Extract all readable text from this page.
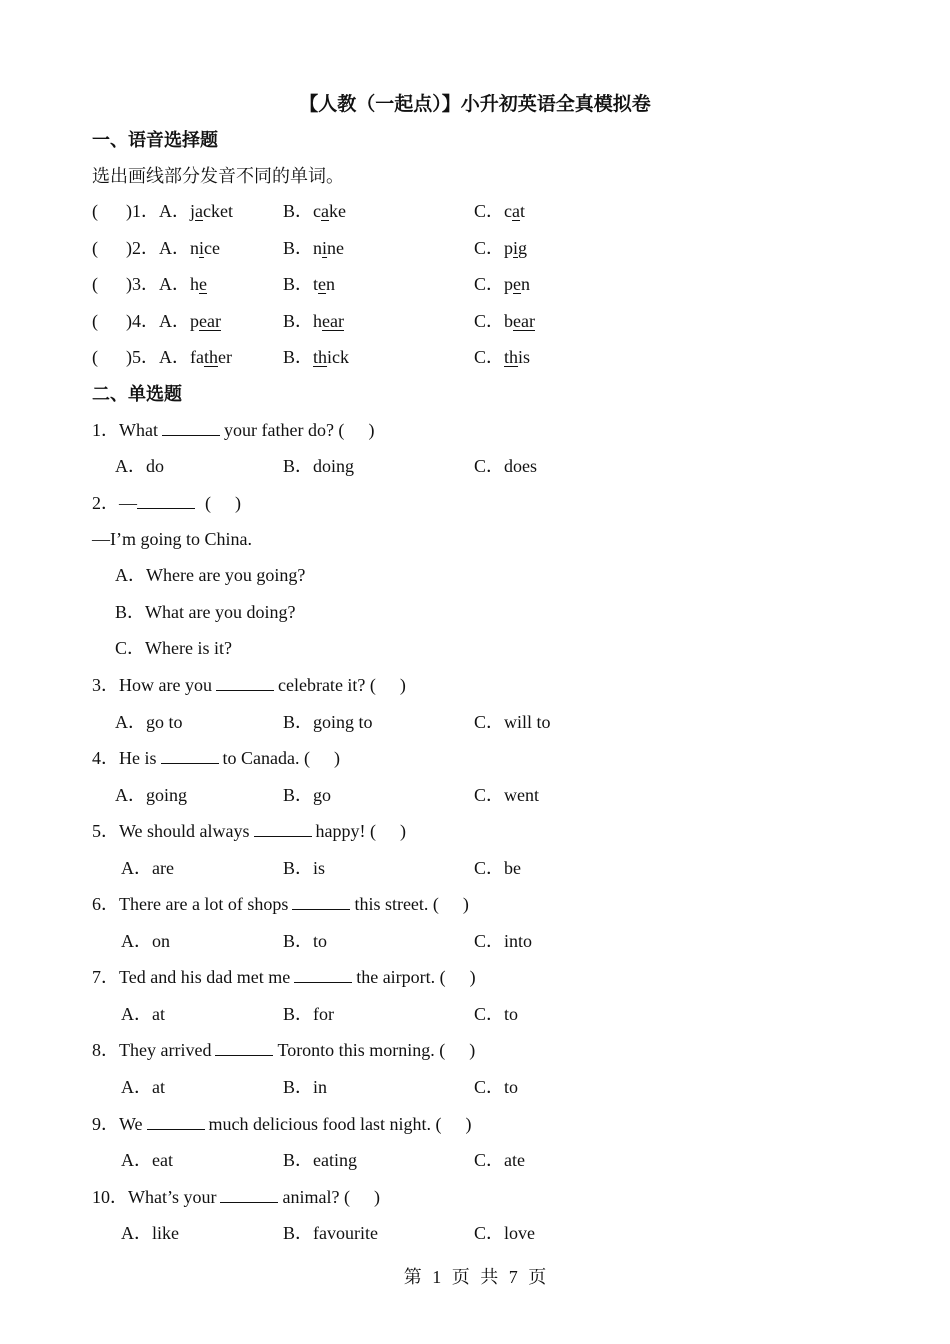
【人教（一起点）】小升初英语全真模拟卷
一、语音选择题
选出画线部分发音不同的单词。
( )1．A．jacket	B．cake	C．cat
( )2．A．nice	B．nine	C．pig
( )3．A．he	B．ten	C．pen
( )4．A．pear	B．hear	C．bear
( )5．A．father	B．thick	C．this
二、单选题
1．What	your father do? ( )
A．do	B．doing	C．does
2．—	( )
—I’m going to China.
A．Where are you going?
B．What are you doing?
C．Where is it?
3．How are you	celebrate it? ( )
A．go to	B．going to	C．will to
4．He is	to Canada. ( )
A．going	B．go	C．went
5．We should always	happy! ( )
A．are	B．is	C．be
6．There are a lot of shops	this street. ( )
A．on	B．to	C．into
7．Ted and his dad met me	the airport. ( )
A．at	B．for	C．to
8．They arrived	Toronto this morning. ( )
A．at	B．in	C．to
9．We	much delicious food last night. ( )
A．eat	B．eating	C．ate
10．What’s your	animal? ( )
A．like	B．favourite	C．love
第 1 页 共 7 页
